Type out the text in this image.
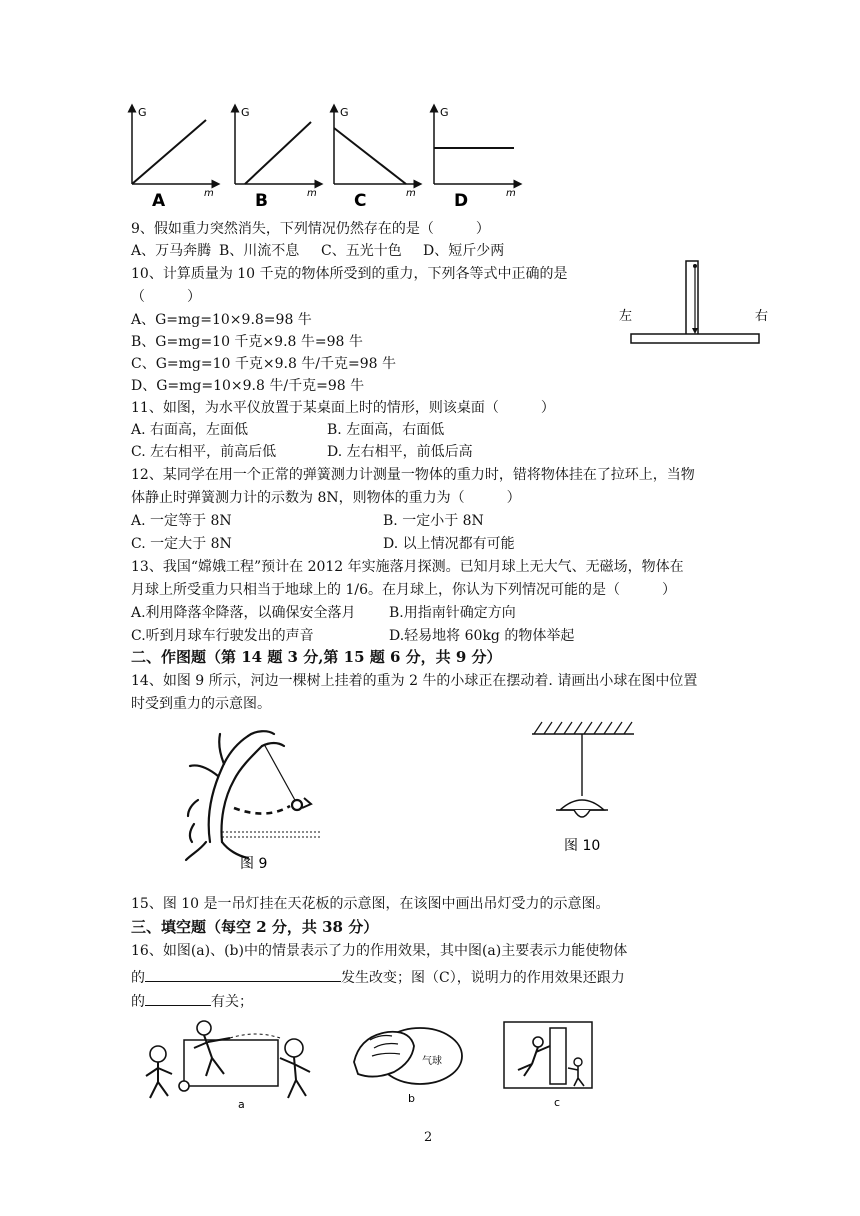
G
m
A
G
m
B
G
m
C
G
m
D
9、假如重力突然消失，下列情况仍然存在的是（　　　）
A、万马奔腾 B、川流不息 C、五光十色 D、短斤少两
10、计算质量为 10 千克的物体所受到的重力，下列各等式中正确的是
（　　　）
A、G=mg=10×9.8=98 牛
B、G=mg=10 千克×9.8 牛=98 牛
C、G=mg=10 千克×9.8 牛/千克=98 牛
D、G=mg=10×9.8 牛/千克=98 牛
左	右
11、如图，为水平仪放置于某桌面上时的情形，则该桌面（　　　）
A. 右面高，左面低	B. 左面高，右面低
C. 左右相平，前高后低	D. 左右相平，前低后高
12、某同学在用一个正常的弹簧测力计测量一物体的重力时，错将物体挂在了拉环上，当物
体静止时弹簧测力计的示数为 8N，则物体的重力为（　　　）
A. 一定等于 8N	B. 一定小于 8N
C. 一定大于 8N	D. 以上情况都有可能
13、我国“嫦娥工程”预计在 2012 年实施落月探测。已知月球上无大气、无磁场，物体在
月球上所受重力只相当于地球上的 1/6。在月球上，你认为下列情况可能的是（　　　）
A.利用降落伞降落，以确保安全落月 B.用指南针确定方向
C.听到月球车行驶发出的声音	D.轻易地将 60kg 的物体举起
二、作图题（第 14 题 3 分,第 15 题 6 分，共 9 分）
14、如图 9 所示，河边一棵树上挂着的重为 2 牛的小球正在摆动着. 请画出小球在图中位置
时受到重力的示意图。
图 9
图 10
15、图 10 是一吊灯挂在天花板的示意图，在该图中画出吊灯受力的示意图。
三、填空题（每空 2 分，共 38 分）
16、如图(a)、(b)中的情景表示了力的作用效果，其中图(a)主要表示力能使物体
的	发生改变；图（C），说明力的作用效果还跟力
的	有关；
a
气球
b	c
2
